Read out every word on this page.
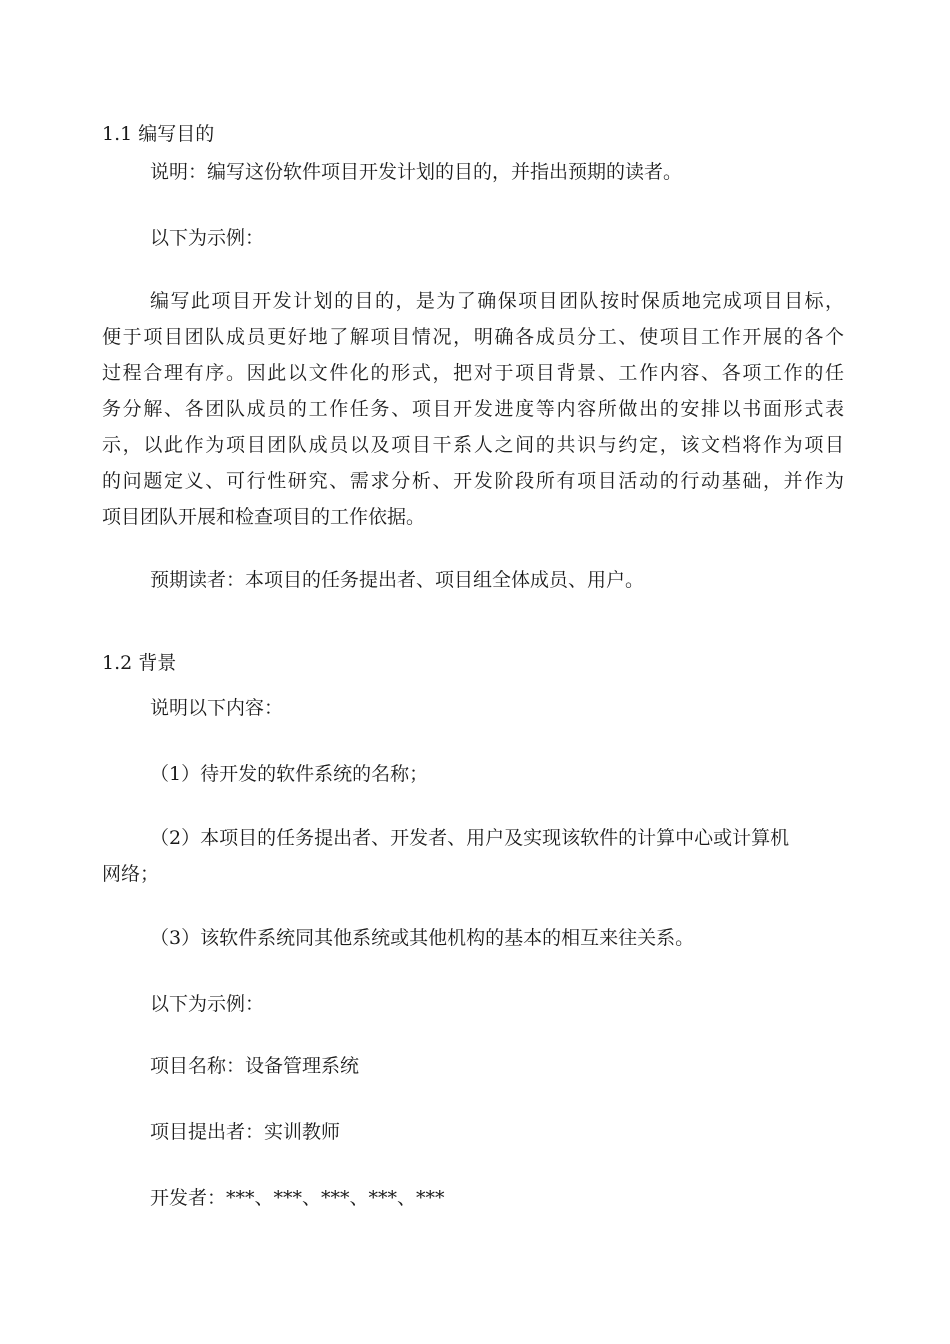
1.1 编写目的

说明：编写这份软件项目开发计划的目的，并指出预期的读者。

以下为示例：

编写此项目开发计划的目的，是为了确保项目团队按时保质地完成项目目标，

便于项目团队成员更好地了解项目情况，明确各成员分工、使项目工作开展的各个

过程合理有序。因此以文件化的形式，把对于项目背景、工作内容、各项工作的任

务分解、各团队成员的工作任务、项目开发进度等内容所做出的安排以书面形式表

示，以此作为项目团队成员以及项目干系人之间的共识与约定，该文档将作为项目

的问题定义、可行性研究、需求分析、开发阶段所有项目活动的行动基础，并作为

项目团队开展和检查项目的工作依据。

预期读者：本项目的任务提出者、项目组全体成员、用户。

1.2 背景

说明以下内容：

（1）待开发的软件系统的名称；

（2）本项目的任务提出者、开发者、用户及实现该软件的计算中心或计算机

网络；

（3）该软件系统同其他系统或其他机构的基本的相互来往关系。

以下为示例：

项目名称：设备管理系统

项目提出者：实训教师

开发者：***、***、***、***、***
